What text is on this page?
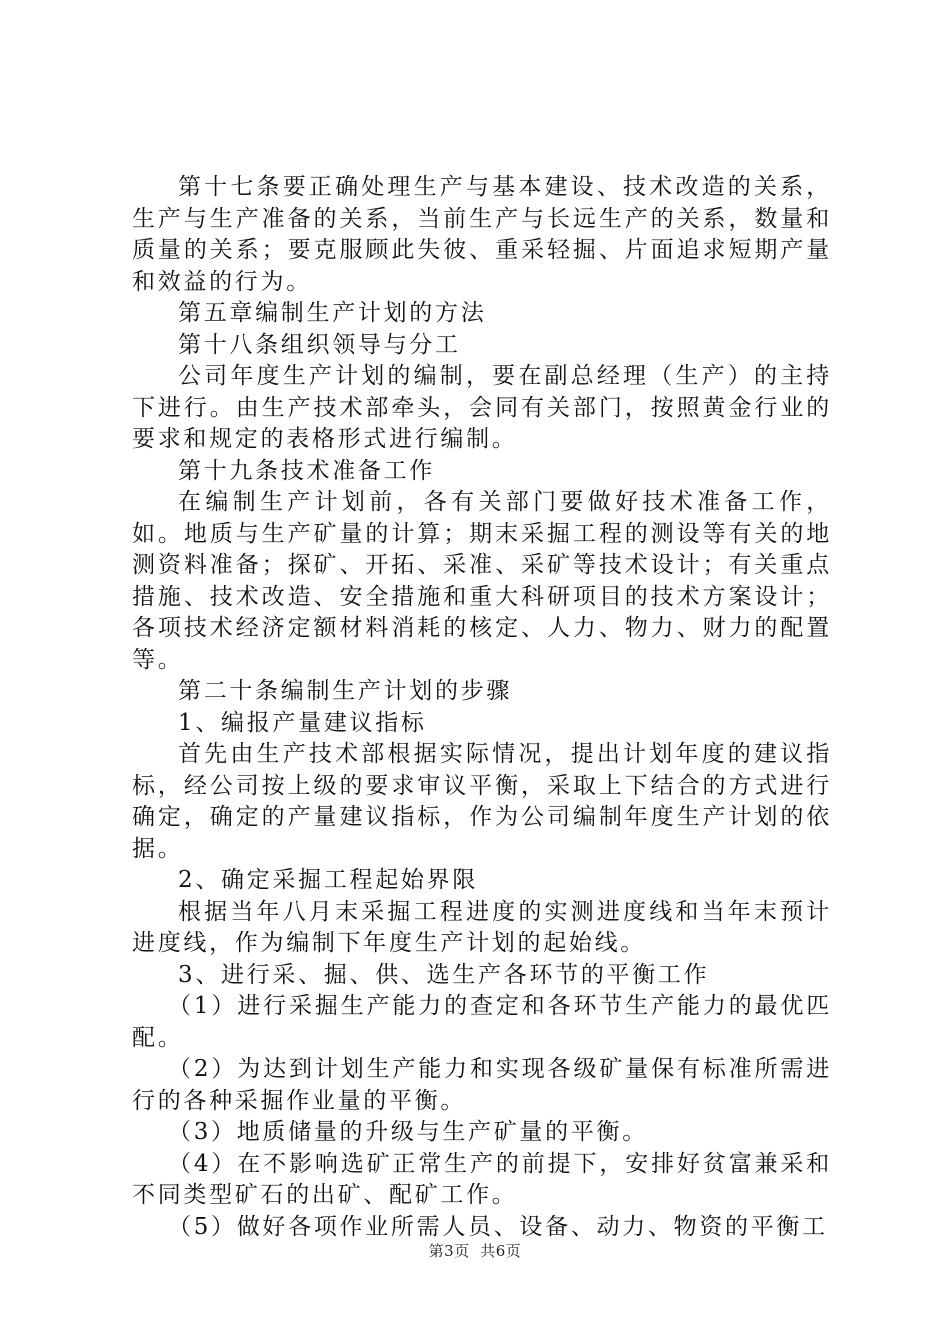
第十七条要正确处理生产与基本建设、技术改造的关系，生产与生产准备的关系，当前生产与长远生产的关系，数量和质量的关系；要克服顾此失彼、重采轻掘、片面追求短期产量和效益的行为。

第五章编制生产计划的方法

第十八条组织领导与分工

公司年度生产计划的编制，要在副总经理（生产）的主持下进行。由生产技术部牵头，会同有关部门，按照黄金行业的要求和规定的表格形式进行编制。

第十九条技术准备工作

在编制生产计划前，各有关部门要做好技术准备工作，如。地质与生产矿量的计算；期末采掘工程的测设等有关的地测资料准备；探矿、开拓、采准、采矿等技术设计；有关重点措施、技术改造、安全措施和重大科研项目的技术方案设计；各项技术经济定额材料消耗的核定、人力、物力、财力的配置等。

第二十条编制生产计划的步骤

1、编报产量建议指标

首先由生产技术部根据实际情况，提出计划年度的建议指标，经公司按上级的要求审议平衡，采取上下结合的方式进行确定，确定的产量建议指标，作为公司编制年度生产计划的依据。

2、确定采掘工程起始界限

根据当年八月末采掘工程进度的实测进度线和当年末预计进度线，作为编制下年度生产计划的起始线。

3、进行采、掘、供、选生产各环节的平衡工作

（1）进行采掘生产能力的查定和各环节生产能力的最优匹配。

（2）为达到计划生产能力和实现各级矿量保有标准所需进行的各种采掘作业量的平衡。

（3）地质储量的升级与生产矿量的平衡。

（4）在不影响选矿正常生产的前提下，安排好贫富兼采和不同类型矿石的出矿、配矿工作。

（5）做好各项作业所需人员、设备、动力、物资的平衡工

第3页 共6页
